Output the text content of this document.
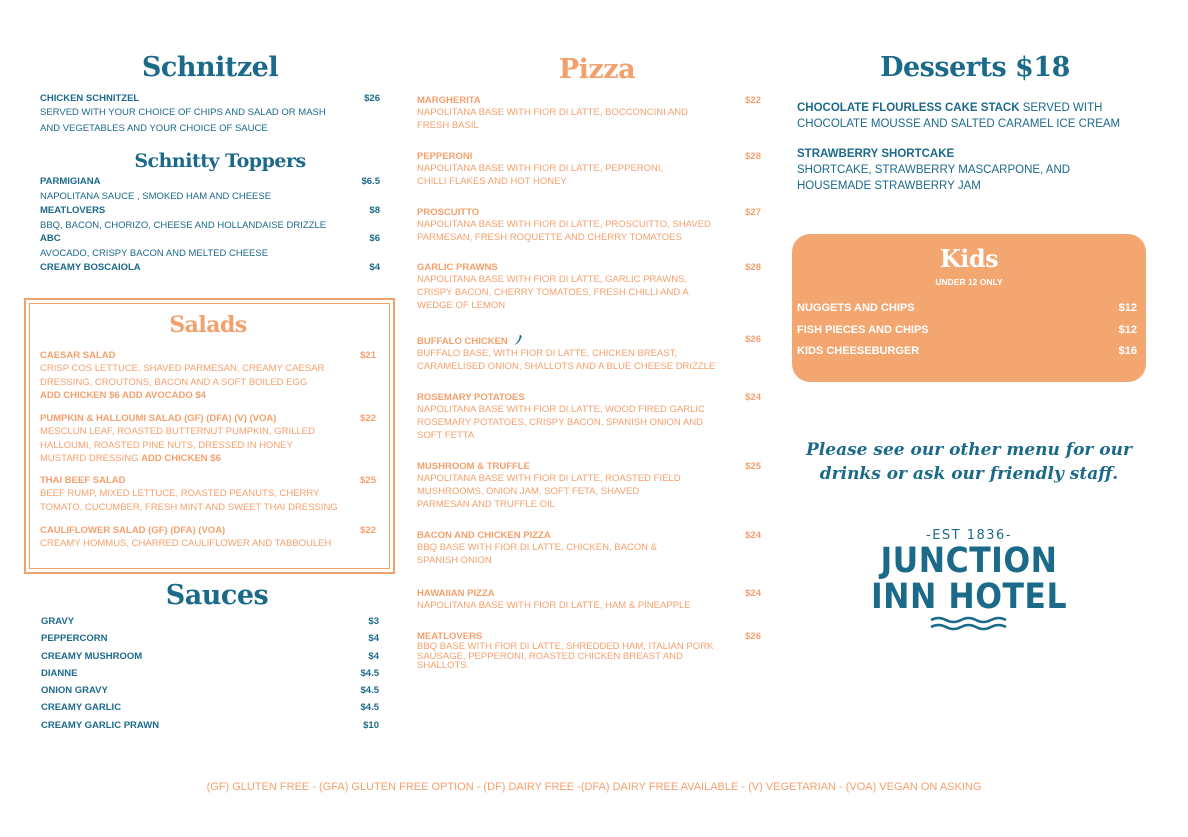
Schnitzel
CHICKEN SCHNITZEL	$26
SERVED WITH YOUR CHOICE OF CHIPS AND SALAD OR MASH AND VEGETABLES AND YOUR CHOICE OF SAUCE
Schnitty Toppers
PARMIGIANA	$6.5
NAPOLITANA SAUCE , SMOKED HAM AND CHEESE
MEATLOVERS	$8
BBQ, BACON, CHORIZO, CHEESE AND HOLLANDAISE DRIZZLE
ABC	$6
AVOCADO, CRISPY BACON AND MELTED CHEESE
CREAMY BOSCAIOLA	$4
Sauces
GRAVY	$3
PEPPERCORN	$4
CREAMY MUSHROOM	$4
DIANNE	$4.5
ONION GRAVY	$4.5
CREAMY GARLIC	$4.5
CREAMY GARLIC PRAWN	$10
Salads
CAESAR SALAD	$21
CRISP COS LETTUCE, SHAVED PARMESAN, CREAMY CAESAR DRESSING, CROUTONS, BACON AND A SOFT BOILED EGG
ADD CHICKEN $6 ADD AVOCADO $4
PUMPKIN & HALLOUMI SALAD (GF) (DFA) (V) (VOA)	$22
MESCLUN LEAF, ROASTED BUTTERNUT PUMPKIN, GRILLED HALLOUMI, ROASTED PINE NUTS, DRESSED IN HONEY MUSTARD DRESSING ADD CHICKEN $6
THAI BEEF SALAD	$25
BEEF RUMP, MIXED LETTUCE, ROASTED PEANUTS, CHERRY TOMATO, CUCUMBER, FRESH MINT AND SWEET THAI DRESSING
CAULIFLOWER SALAD (GF) (DFA) (VOA)	$22
CREAMY HOMMUS, CHARRED CAULIFLOWER AND TABBOULEH
Pizza
MARGHERITA	$22
NAPOLITANA BASE WITH FIOR DI LATTE, BOCCONCINI AND FRESH BASIL
PEPPERONI	$28
NAPOLITANA BASE WITH FIOR DI LATTE, PEPPERONI, CHILLI FLAKES AND HOT HONEY
PROSCUITTO	$27
NAPOLITANA BASE WITH FIOR DI LATTE, PROSCUITTO, SHAVED PARMESAN, FRESH ROQUETTE AND CHERRY TOMATOES
GARLIC PRAWNS	$28
NAPOLITANA BASE WITH FIOR DI LATTE, GARLIC PRAWNS, CRISPY BACON, CHERRY TOMATOES, FRESH CHILLI AND A WEDGE OF LEMON
BUFFALO CHICKEN	$26
BUFFALO BASE, WITH FIOR DI LATTE, CHICKEN BREAST, CARAMELISED ONION, SHALLOTS AND A BLUE CHEESE DRIZZLE
ROSEMARY POTATOES	$24
NAPOLITANA BASE WITH FIOR DI LATTE, WOOD FIRED GARLIC ROSEMARY POTATOES, CRISPY BACON, SPANISH ONION AND SOFT FETTA
MUSHROOM & TRUFFLE	$25
NAPOLITANA BASE WITH FIOR DI LATTE, ROASTED FIELD MUSHROOMS, ONION JAM, SOFT FETA, SHAVED PARMESAN AND TRUFFLE OIL
BACON AND CHICKEN PIZZA	$24
BBQ BASE WITH FIOR DI LATTE, CHICKEN, BACON & SPANISH ONION
HAWAIIAN PIZZA	$24
NAPOLITANA BASE WITH FIOR DI LATTE, HAM & PINEAPPLE
MEATLOVERS	$26
BBQ BASE WITH FIOR DI LATTE, SHREDDED HAM, ITALIAN PORK SAUSAGE, PEPPERONI, ROASTED CHICKEN BREAST AND SHALLOTS.
Desserts $18
CHOCOLATE FLOURLESS CAKE STACK SERVED WITH CHOCOLATE MOUSSE AND SALTED CARAMEL ICE CREAM
STRAWBERRY SHORTCAKE
SHORTCAKE, STRAWBERRY MASCARPONE, AND HOUSEMADE STRAWBERRY JAM
Kids
UNDER 12 ONLY
NUGGETS AND CHIPS	$12
FISH PIECES AND CHIPS	$12
KIDS CHEESEBURGER	$16
Please see our other menu for our
drinks or ask our friendly staff.
-EST 1836-
JUNCTION
INN HOTEL
(GF) GLUTEN FREE - (GFA) GLUTEN FREE OPTION - (DF) DAIRY FREE -(DFA) DAIRY FREE AVAILABLE - (V) VEGETARIAN - (VOA) VEGAN ON ASKING
